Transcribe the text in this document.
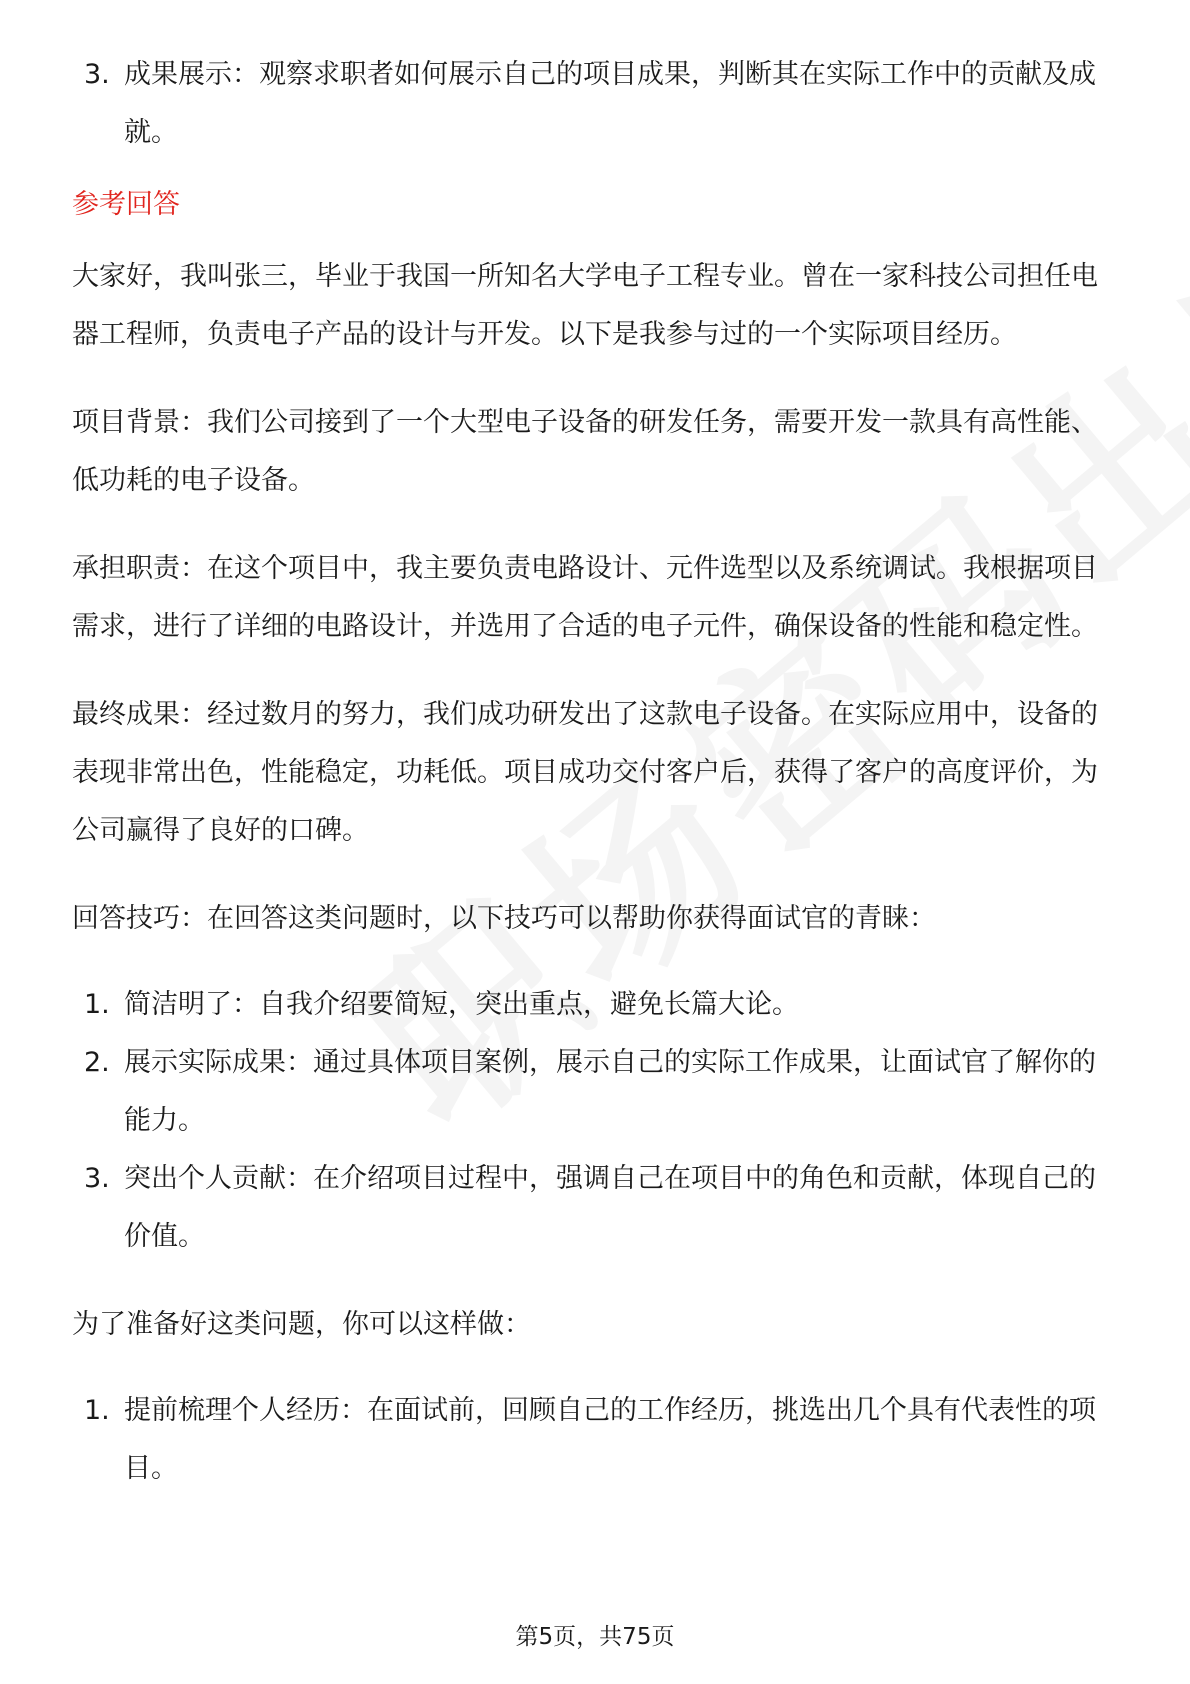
3. 成果展示：观察求职者如何展示自己的项目成果，判断其在实际工作中的贡献及成就。
参考回答
大家好，我叫张三，毕业于我国一所知名大学电子工程专业。曾在一家科技公司担任电器工程师，负责电子产品的设计与开发。以下是我参与过的一个实际项目经历。
项目背景：我们公司接到了一个大型电子设备的研发任务，需要开发一款具有高性能、低功耗的电子设备。
承担职责：在这个项目中，我主要负责电路设计、元件选型以及系统调试。我根据项目需求，进行了详细的电路设计，并选用了合适的电子元件，确保设备的性能和稳定性。
最终成果：经过数月的努力，我们成功研发出了这款电子设备。在实际应用中，设备的表现非常出色，性能稳定，功耗低。项目成功交付客户后，获得了客户的高度评价，为公司赢得了良好的口碑。
回答技巧：在回答这类问题时，以下技巧可以帮助你获得面试官的青睐：
1. 简洁明了：自我介绍要简短，突出重点，避免长篇大论。
2. 展示实际成果：通过具体项目案例，展示自己的实际工作成果，让面试官了解你的能力。
3. 突出个人贡献：在介绍项目过程中，强调自己在项目中的角色和贡献，体现自己的价值。
为了准备好这类问题，你可以这样做：
1. 提前梳理个人经历：在面试前，回顾自己的工作经历，挑选出几个具有代表性的项目。
第5页，共75页
